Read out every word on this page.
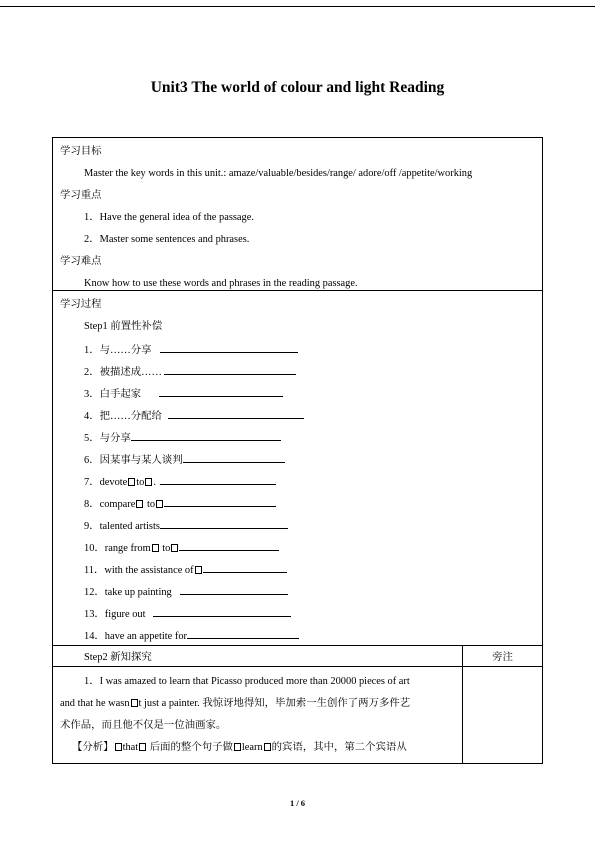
Unit3 The world of colour and light Reading
学习目标
Master the key words in this unit.: amaze/valuable/besides/range/ adore/off /appetite/working
学习重点
1．Have the general idea of the passage.
2．Master some sentences and phrases.
学习难点
Know how to use these words and phrases in the reading passage.
学习过程
Step1 前置性补偿
1．与……分享
2．被描述成……
3．白手起家
4．把……分配给
5．与分享
6．因某事与某人谈判
7．devote to .
8．compare to
9．talented artists
10．range from to
11．with the assistance of
12．take up painting
13．figure out
14．have an appetite for
Step2 新知探究	旁注
1．I was amazed to learn that Picasso produced more than 20000 pieces of art
and that he wasn t just a painter. 我惊讶地得知，毕加索一生创作了两万多件艺
术作品，而且他不仅是一位油画家。
【分析】 that 后面的整个句子做 learn 的宾语，其中，第二个宾语从
1 / 6
